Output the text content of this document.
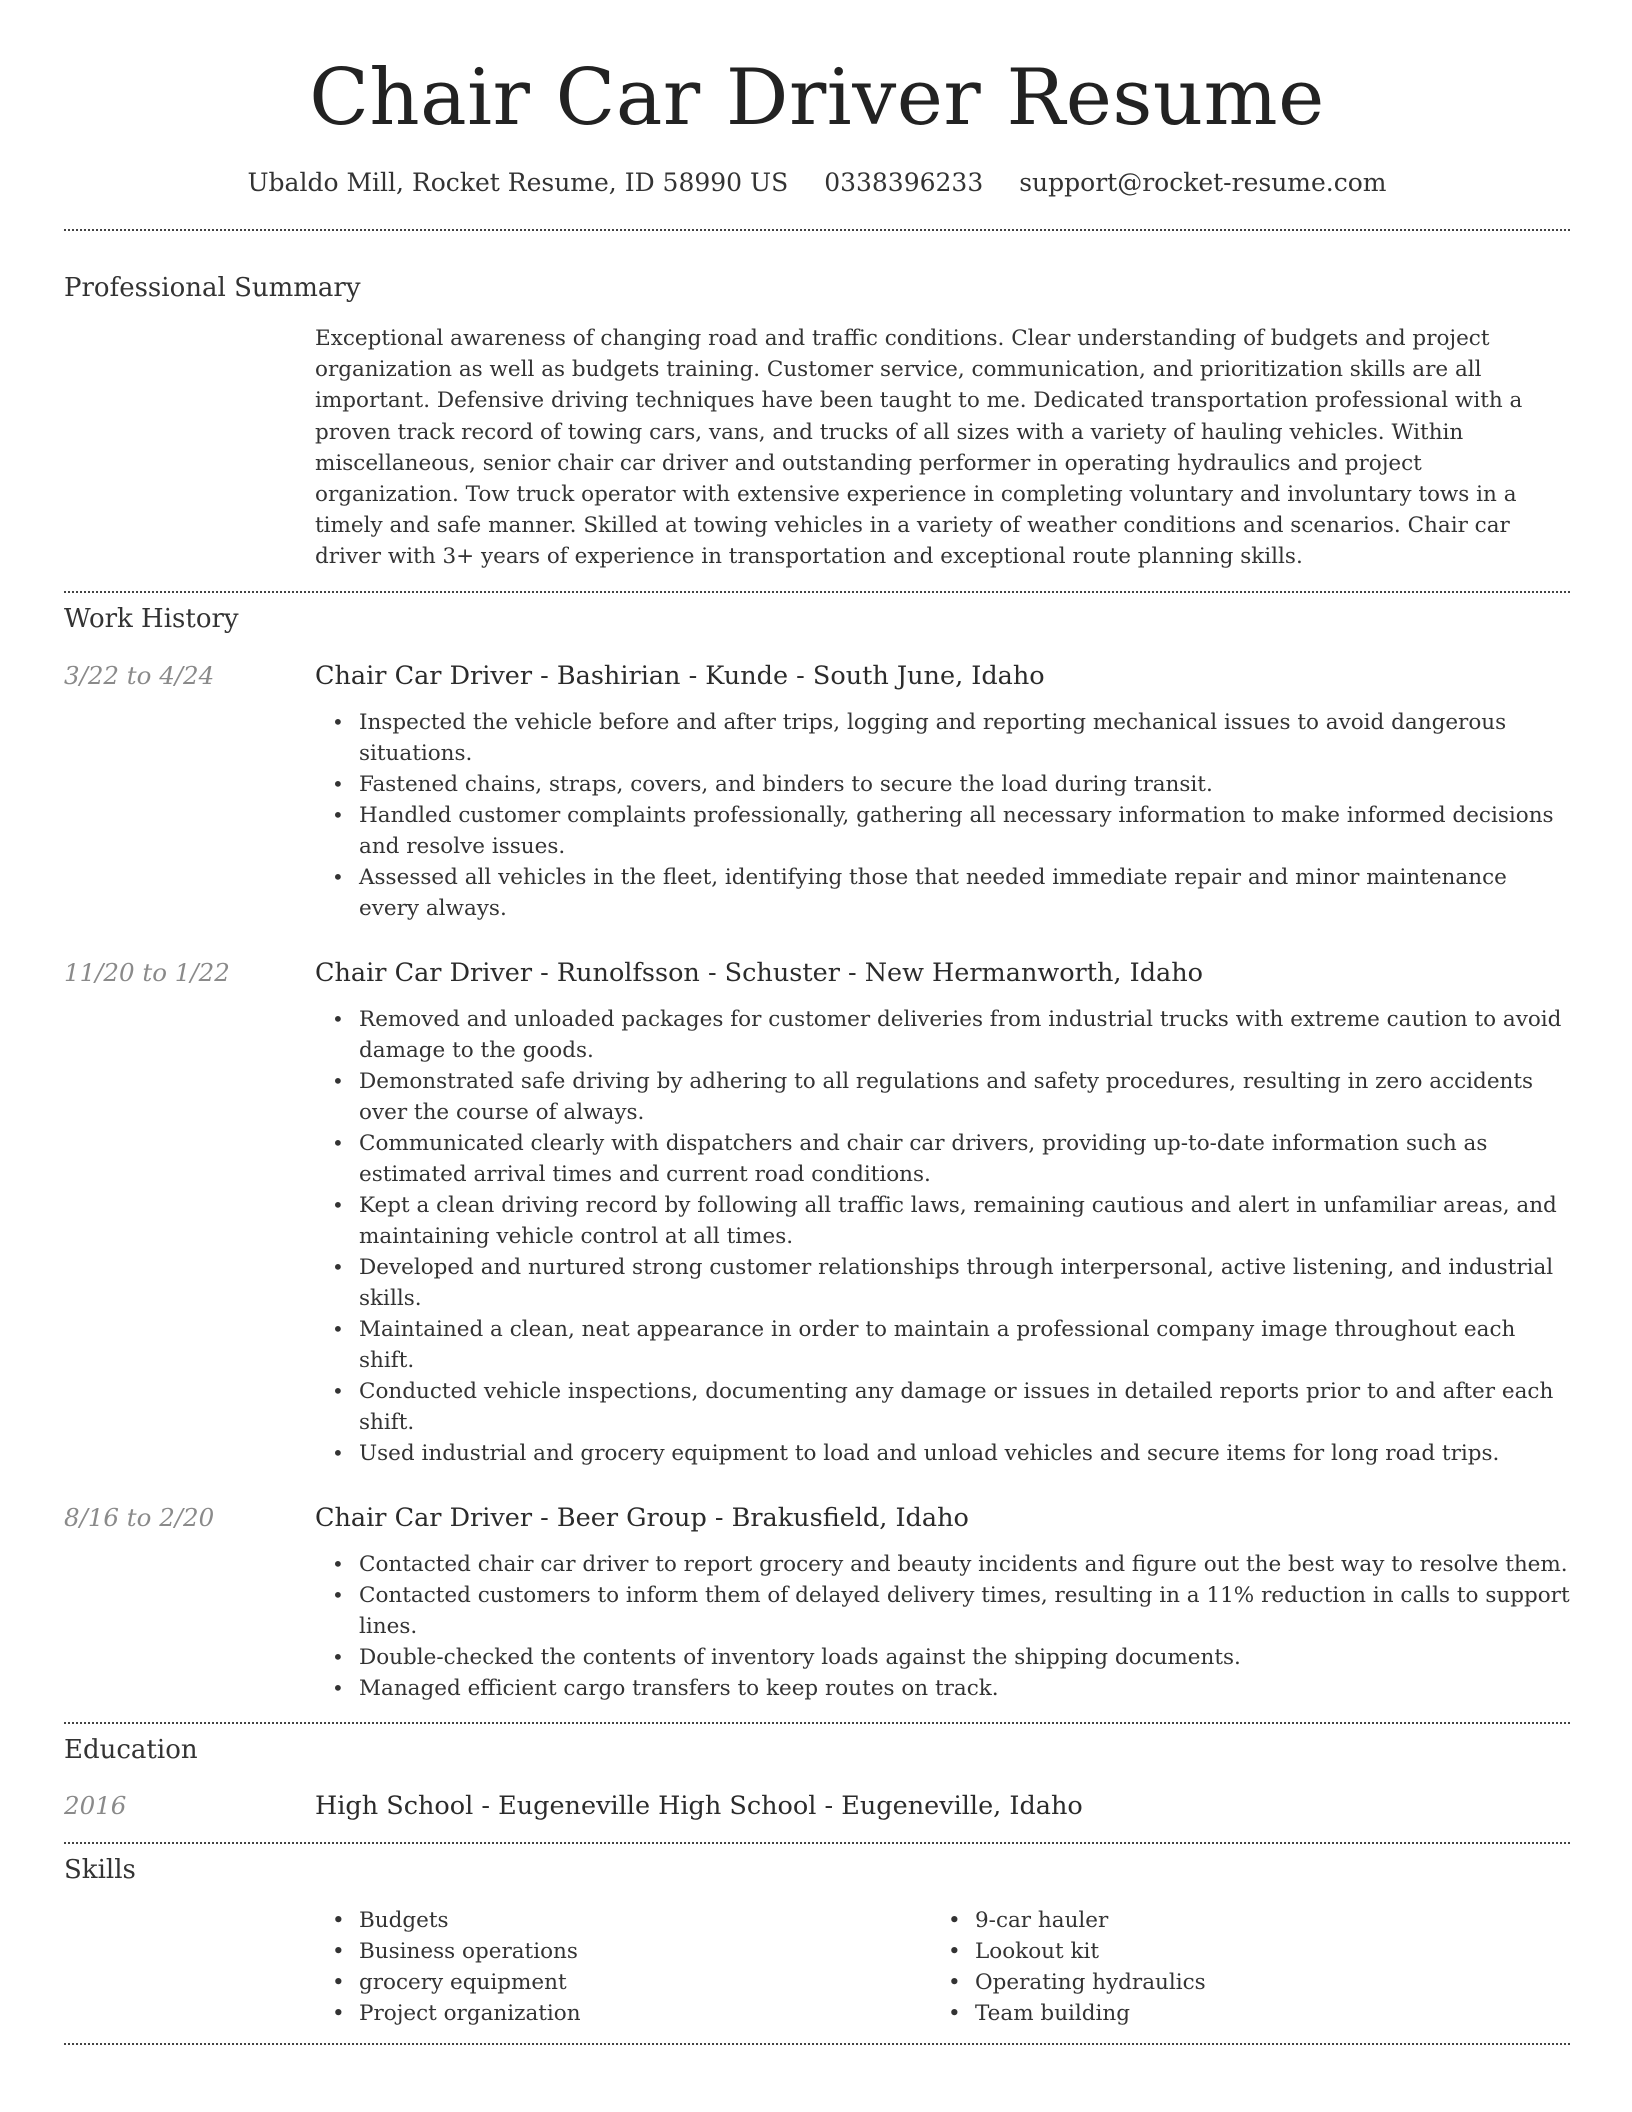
Chair Car Driver Resume
Ubaldo Mill, Rocket Resume, ID 58990 US 0338396233 support@rocket-resume.com
Professional Summary
Exceptional awareness of changing road and traffic conditions. Clear understanding of budgets and project organization as well as budgets training. Customer service, communication, and prioritization skills are all important. Defensive driving techniques have been taught to me. Dedicated transportation professional with a proven track record of towing cars, vans, and trucks of all sizes with a variety of hauling vehicles. Within miscellaneous, senior chair car driver and outstanding performer in operating hydraulics and project organization. Tow truck operator with extensive experience in completing voluntary and involuntary tows in a timely and safe manner. Skilled at towing vehicles in a variety of weather conditions and scenarios. Chair car driver with 3+ years of experience in transportation and exceptional route planning skills.
Work History
3/22 to 4/24	Chair Car Driver - Bashirian - Kunde - South June, Idaho
• Inspected the vehicle before and after trips, logging and reporting mechanical issues to avoid dangerous situations.
• Fastened chains, straps, covers, and binders to secure the load during transit.
• Handled customer complaints professionally, gathering all necessary information to make informed decisions and resolve issues.
• Assessed all vehicles in the fleet, identifying those that needed immediate repair and minor maintenance every always.
11/20 to 1/22	Chair Car Driver - Runolfsson - Schuster - New Hermanworth, Idaho
• Removed and unloaded packages for customer deliveries from industrial trucks with extreme caution to avoid damage to the goods.
• Demonstrated safe driving by adhering to all regulations and safety procedures, resulting in zero accidents over the course of always.
• Communicated clearly with dispatchers and chair car drivers, providing up-to-date information such as estimated arrival times and current road conditions.
• Kept a clean driving record by following all traffic laws, remaining cautious and alert in unfamiliar areas, and maintaining vehicle control at all times.
• Developed and nurtured strong customer relationships through interpersonal, active listening, and industrial skills.
• Maintained a clean, neat appearance in order to maintain a professional company image throughout each shift.
• Conducted vehicle inspections, documenting any damage or issues in detailed reports prior to and after each shift.
• Used industrial and grocery equipment to load and unload vehicles and secure items for long road trips.
8/16 to 2/20	Chair Car Driver - Beer Group - Brakusfield, Idaho
• Contacted chair car driver to report grocery and beauty incidents and figure out the best way to resolve them.
• Contacted customers to inform them of delayed delivery times, resulting in a 11% reduction in calls to support lines.
• Double-checked the contents of inventory loads against the shipping documents.
• Managed efficient cargo transfers to keep routes on track.
Education
2016	High School - Eugeneville High School - Eugeneville, Idaho
Skills
• Budgets
• Business operations
• grocery equipment
• Project organization
• 9-car hauler
• Lookout kit
• Operating hydraulics
• Team building
